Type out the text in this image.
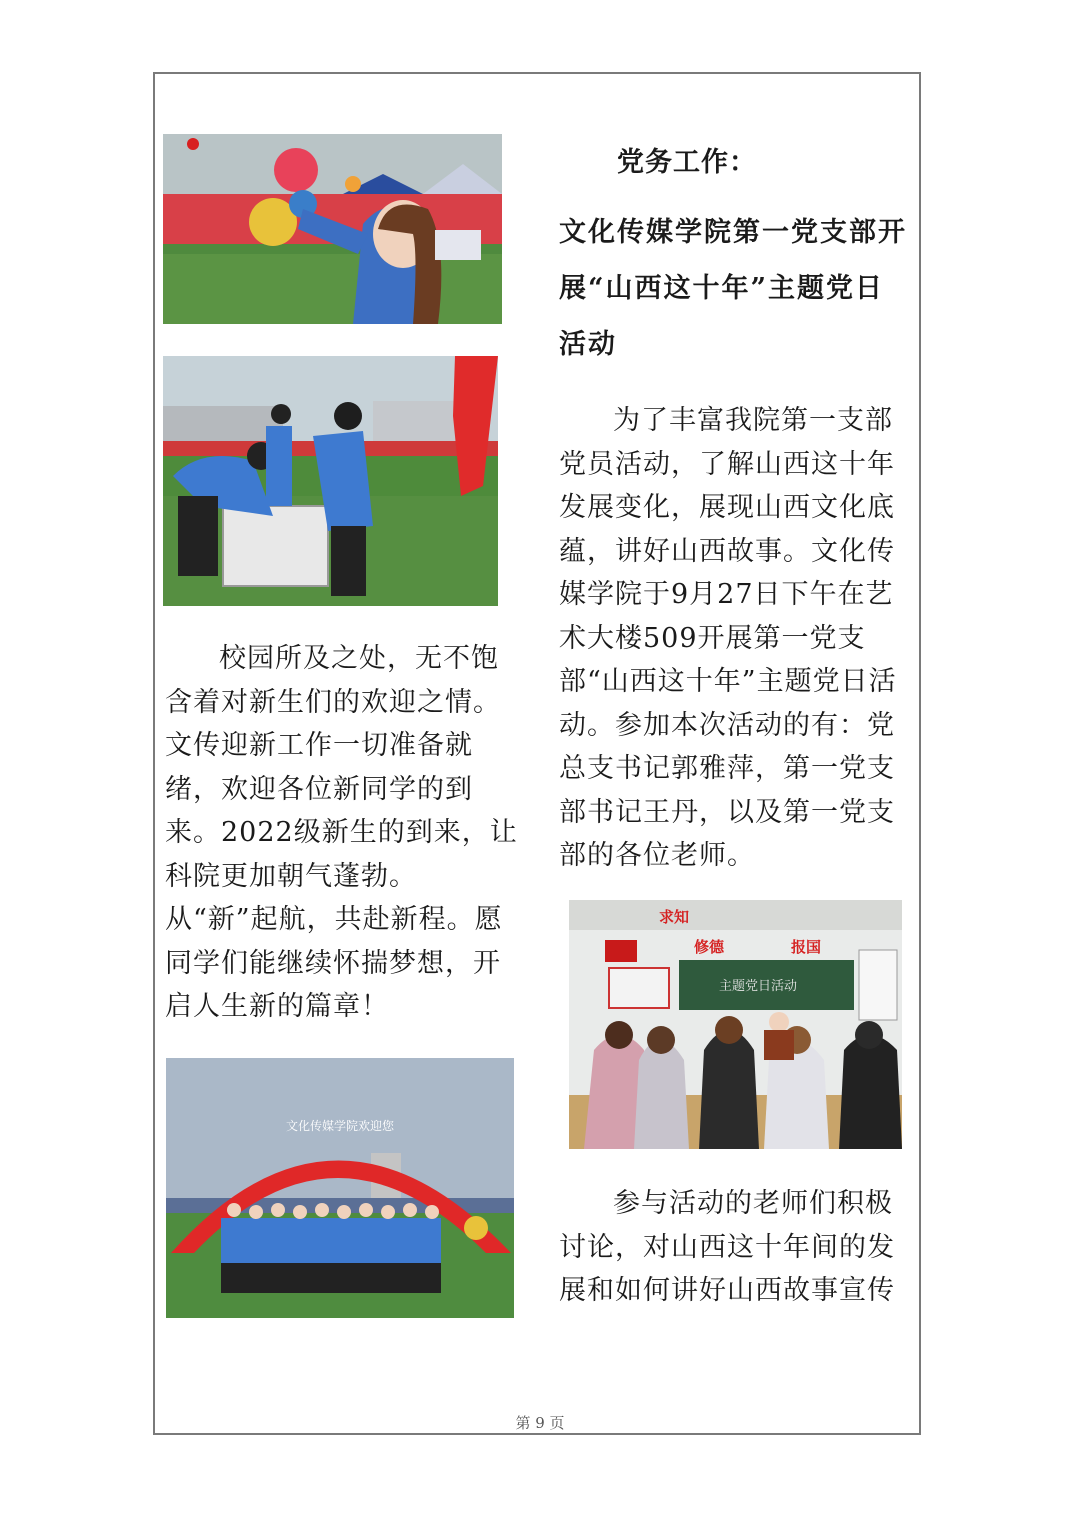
校园所及之处，无不饱含着对新生们的欢迎之情。文传迎新工作一切准备就绪，欢迎各位新同学的到来。2022级新生的到来，让科院更加朝气蓬勃。从“新”起航，共赴新程。愿同学们能继续怀揣梦想，开启人生新的篇章！

文化传媒学院欢迎您
党务工作：
文化传媒学院第一党支部开展“山西这十年”主题党日活动

为了丰富我院第一支部党员活动，了解山西这十年发展变化，展现山西文化底蕴，讲好山西故事。文化传媒学院于9月27日下午在艺术大楼509开展第一党支部“山西这十年”主题党日活动。参加本次活动的有：党总支书记郭雅萍，第一党支部书记王丹，以及第一党支部的各位老师。

求知
修德	报国
主题党日活动

参与活动的老师们积极讨论，对山西这十年间的发展和如何讲好山西故事宣传

第 9 页
